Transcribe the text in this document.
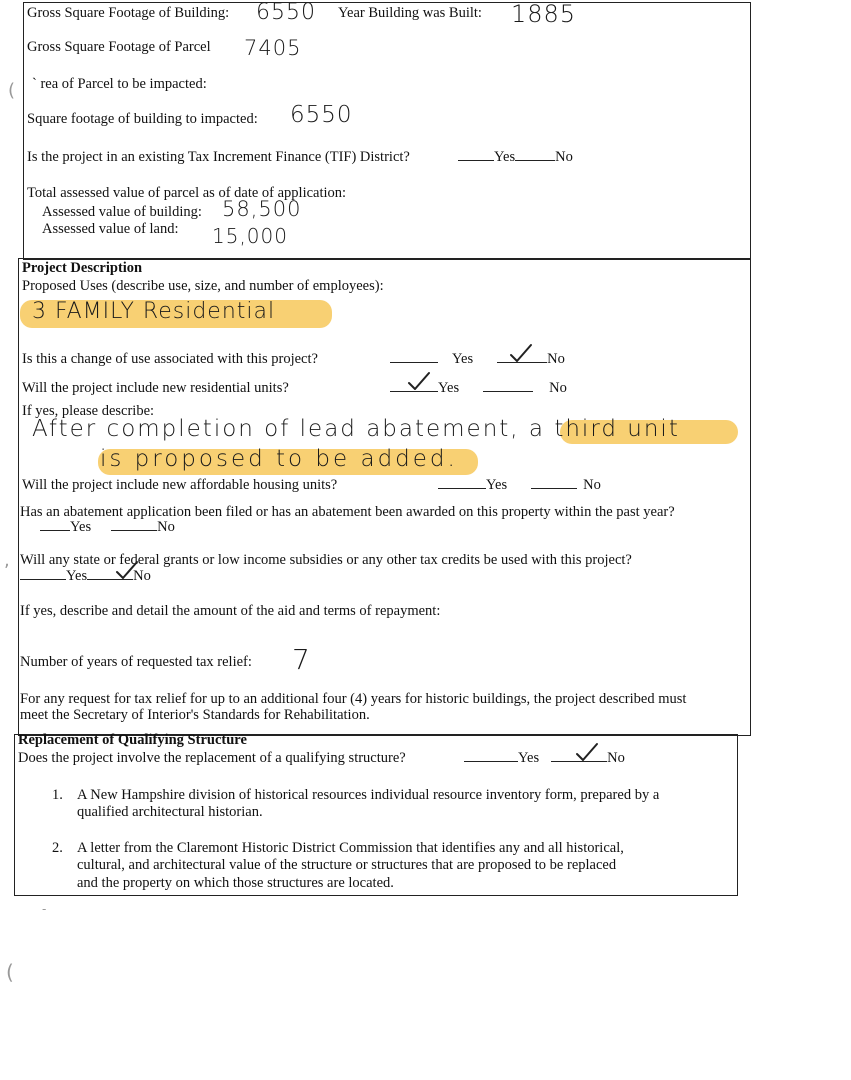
(
,
(
-
Gross Square Footage of Building: 6550 Year Building was Built: 1885
Gross Square Footage of Parcel 7405
` rea of Parcel to be impacted:
Square footage of building to impacted: 6550
Is the project in an existing Tax Increment Finance (TIF) District?	Yes	No
Total assessed value of parcel as of date of application:
Assessed value of building: 58,500
Assessed value of land: 15,000
Project Description
Proposed Uses (describe use, size, and number of employees):
3 FAMILY Residential
Is this a change of use associated with this project?	Yes	No
Will the project include new residential units?	Yes	No
If yes, please describe:
After completion of lead abatement, a third unit
is proposed to be added.
Will the project include new affordable housing units?	Yes	No
Has an abatement application been filed or has an abatement been awarded on this property within the past year?
Yes	No
Will any state or federal grants or low income subsidies or any other tax credits be used with this project?
Yes	No
If yes, describe and detail the amount of the aid and terms of repayment:
Number of years of requested tax relief: 7
For any request for tax relief for up to an additional four (4) years for historic buildings, the project described must
meet the Secretary of Interior's Standards for Rehabilitation.
Replacement of Qualifying Structure
Does the project involve the replacement of a qualifying structure?	Yes	No
1. A New Hampshire division of historical resources individual resource inventory form, prepared by a
qualified architectural historian.
2. A letter from the Claremont Historic District Commission that identifies any and all historical,
cultural, and architectural value of the structure or structures that are proposed to be replaced
and the property on which those structures are located.
